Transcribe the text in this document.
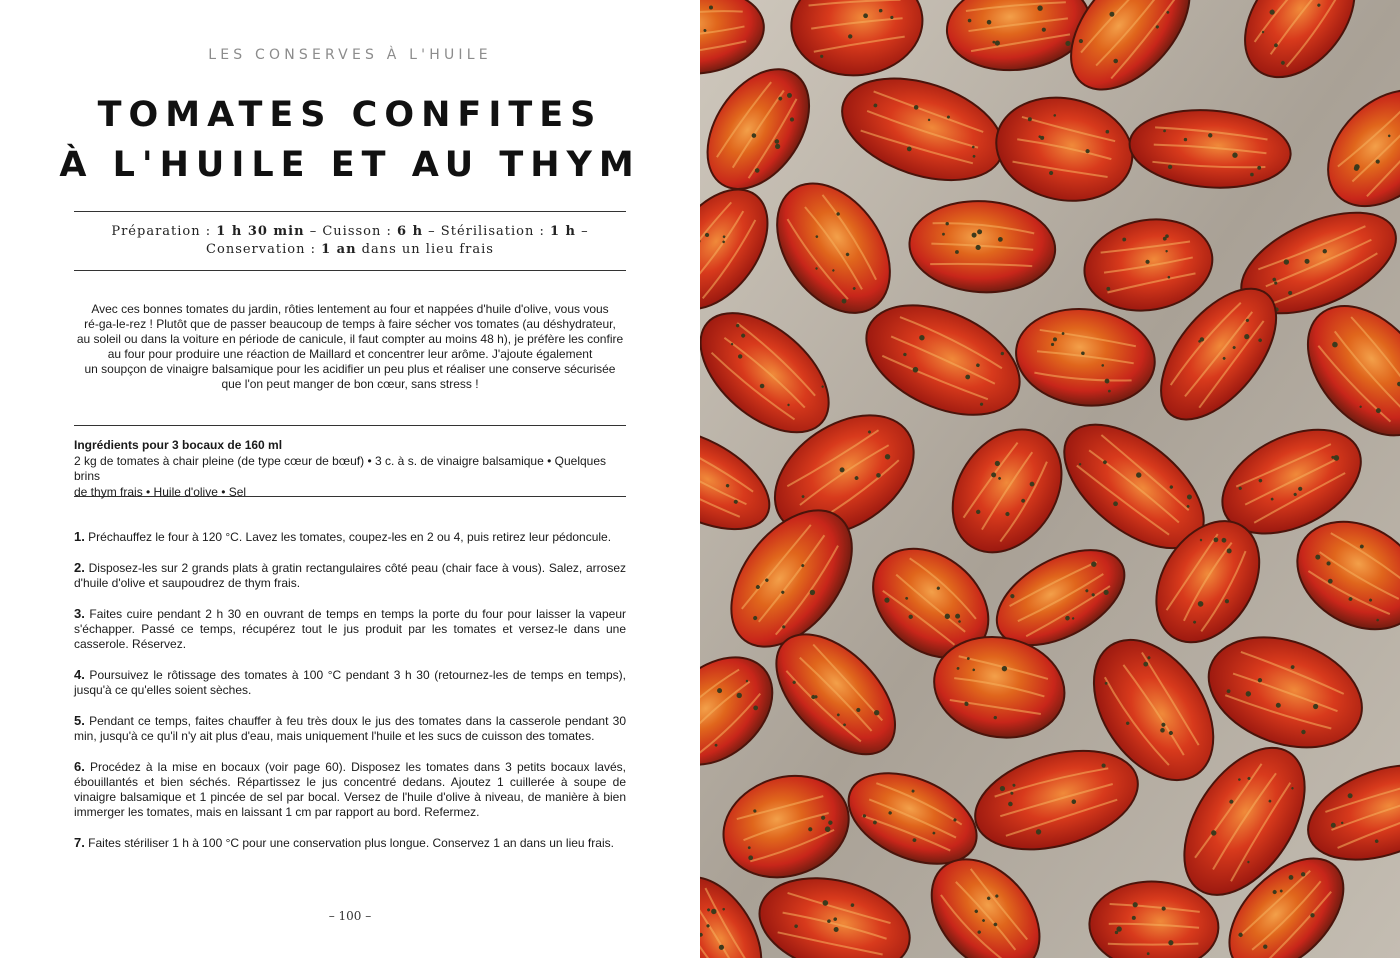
LES CONSERVES À L'HUILE
TOMATES CONFITES
À L'HUILE ET AU THYM
Préparation : 1 h 30 min – Cuisson : 6 h – Stérilisation : 1 h –
Conservation : 1 an dans un lieu frais
Avec ces bonnes tomates du jardin, rôties lentement au four et nappées d'huile d'olive, vous vous
ré-ga-le-rez ! Plutôt que de passer beaucoup de temps à faire sécher vos tomates (au déshydrateur,
au soleil ou dans la voiture en période de canicule, il faut compter au moins 48 h), je préfère les confire
au four pour produire une réaction de Maillard et concentrer leur arôme. J'ajoute également
un soupçon de vinaigre balsamique pour les acidifier un peu plus et réaliser une conserve sécurisée
que l'on peut manger de bon cœur, sans stress !
Ingrédients pour 3 bocaux de 160 ml
2 kg de tomates à chair pleine (de type cœur de bœuf) • 3 c. à s. de vinaigre balsamique • Quelques brins
de thym frais • Huile d'olive • Sel

1. Préchauffez le four à 120 °C. Lavez les tomates, coupez-les en 2 ou 4, puis retirez leur pédoncule.

2. Disposez-les sur 2 grands plats à gratin rectangulaires côté peau (chair face à vous). Salez, arrosez d'huile d'olive et saupoudrez de thym frais.

3. Faites cuire pendant 2 h 30 en ouvrant de temps en temps la porte du four pour laisser la vapeur s'échapper. Passé ce temps, récupérez tout le jus produit par les tomates et versez-le dans une casserole. Réservez.

4. Poursuivez le rôtissage des tomates à 100 °C pendant 3 h 30 (retournez-les de temps en temps), jusqu'à ce qu'elles soient sèches.

5. Pendant ce temps, faites chauffer à feu très doux le jus des tomates dans la casserole pendant 30 min, jusqu'à ce qu'il n'y ait plus d'eau, mais uniquement l'huile et les sucs de cuisson des tomates.

6. Procédez à la mise en bocaux (voir page 60). Disposez les tomates dans 3 petits bocaux lavés, ébouillantés et bien séchés. Répartissez le jus concentré dedans. Ajoutez 1 cuillerée à soupe de vinaigre balsamique et 1 pincée de sel par bocal. Versez de l'huile d'olive à niveau, de manière à bien immerger les tomates, mais en laissant 1 cm par rapport au bord. Refermez.

7. Faites stériliser 1 h à 100 °C pour une conservation plus longue. Conservez 1 an dans un lieu frais.

– 100 –
